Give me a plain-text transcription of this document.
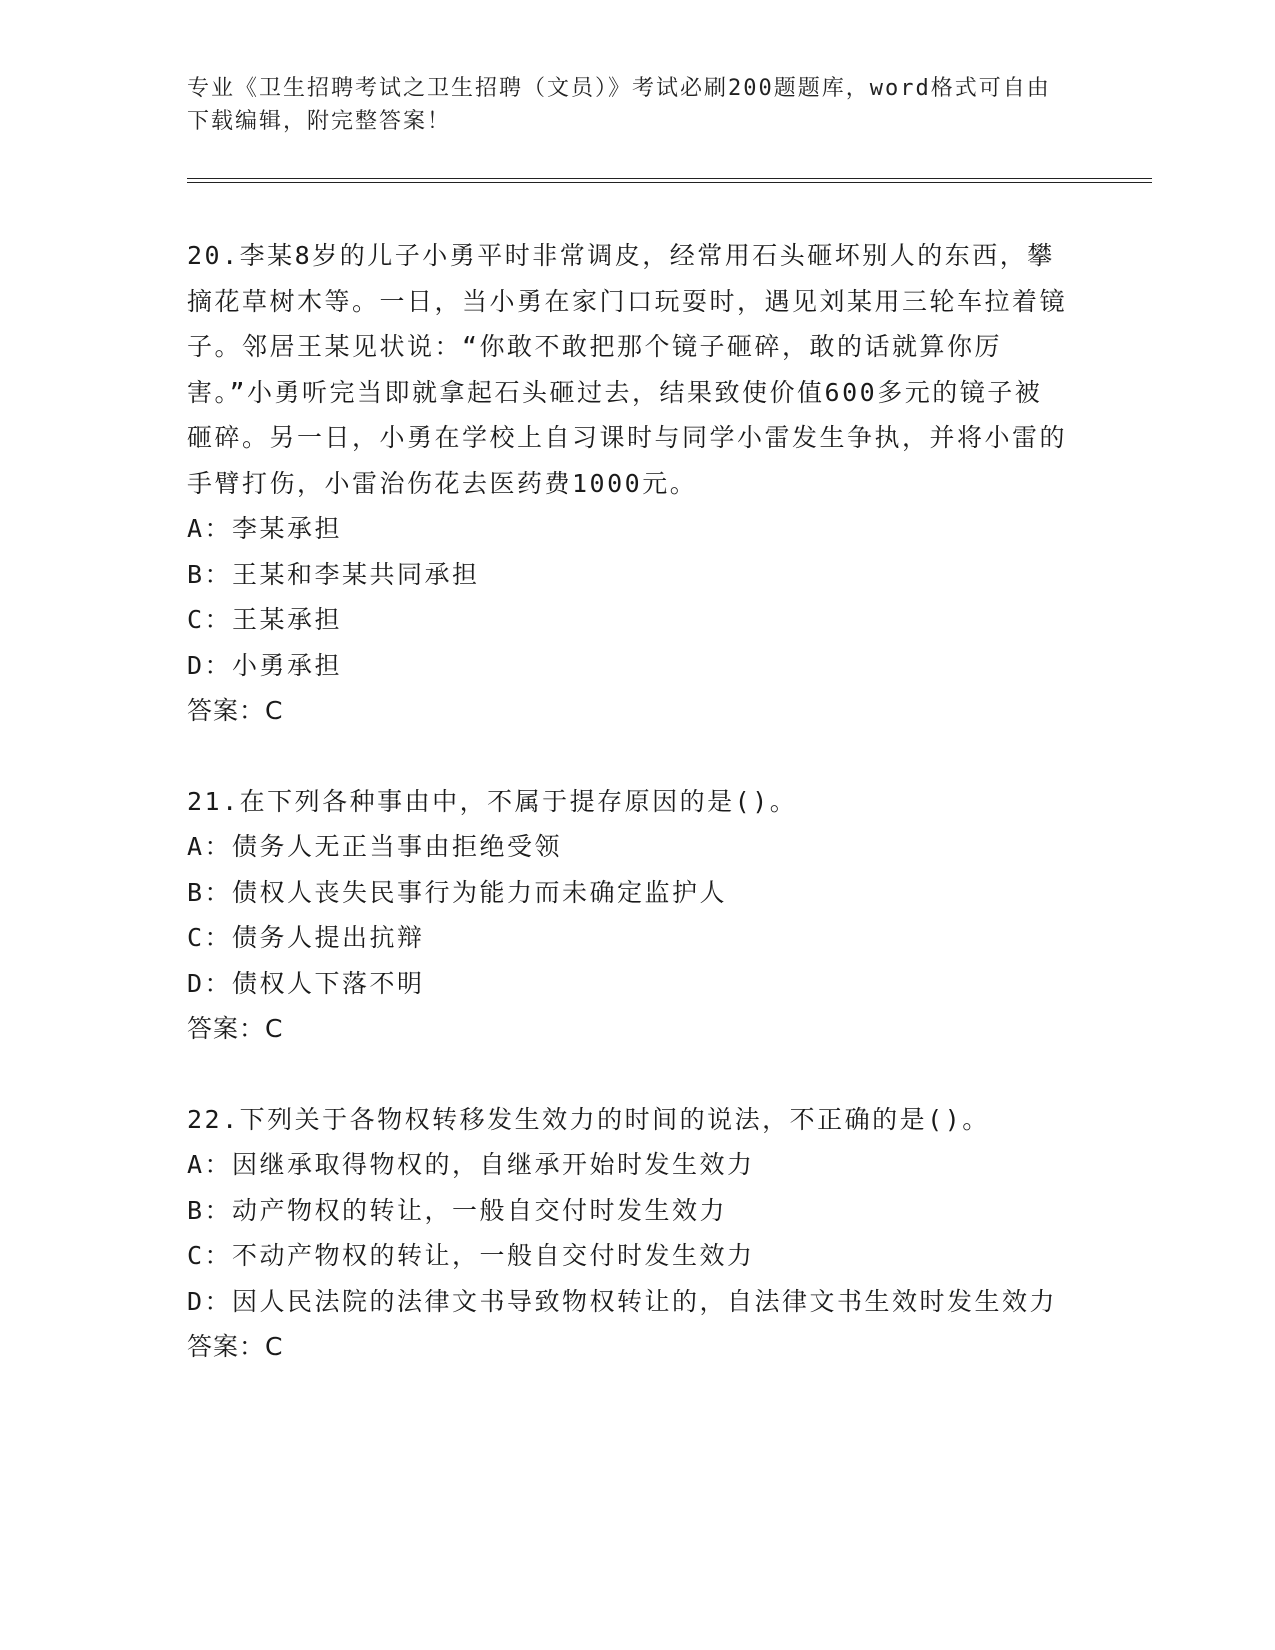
专业《卫生招聘考试之卫生招聘（文员）》考试必刷200题题库，word格式可自由下载编辑，附完整答案！

20.李某8岁的儿子小勇平时非常调皮，经常用石头砸坏别人的东西，攀摘花草树木等。一日，当小勇在家门口玩耍时，遇见刘某用三轮车拉着镜子。邻居王某见状说：“你敢不敢把那个镜子砸碎，敢的话就算你厉害。”小勇听完当即就拿起石头砸过去，结果致使价值600多元的镜子被砸碎。另一日，小勇在学校上自习课时与同学小雷发生争执，并将小雷的手臂打伤，小雷治伤花去医药费1000元。

A：李某承担

B：王某和李某共同承担

C：王某承担

D：小勇承担

答案：C

21.在下列各种事由中，不属于提存原因的是()。

A：债务人无正当事由拒绝受领

B：债权人丧失民事行为能力而未确定监护人

C：债务人提出抗辩

D：债权人下落不明

答案：C

22.下列关于各物权转移发生效力的时间的说法，不正确的是()。

A：因继承取得物权的，自继承开始时发生效力

B：动产物权的转让，一般自交付时发生效力

C：不动产物权的转让，一般自交付时发生效力

D：因人民法院的法律文书导致物权转让的，自法律文书生效时发生效力

答案：C
